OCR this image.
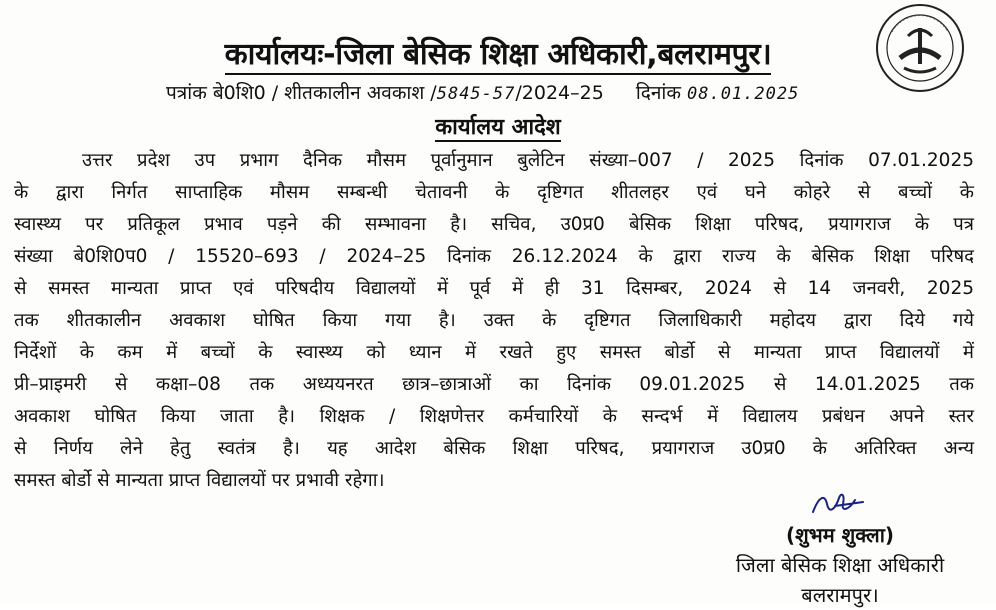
कार्यालयः-जिला बेसिक शिक्षा अधिकारी,बलरामपुर।
पत्रांक बे0शि0 / शीतकालीन अवकाश /5845-57/2024–25 दिनांक 08.01.2025
कार्यालय आदेश
उत्तर प्रदेश उप प्रभाग दैनिक मौसम पूर्वानुमान बुलेटिन संख्या–007 / 2025 दिनांक 07.01.2025
के द्वारा निर्गत साप्ताहिक मौसम सम्बन्धी चेतावनी के दृष्टिगत शीतलहर एवं घने कोहरे से बच्चों के
स्वास्थ्य पर प्रतिकूल प्रभाव पड़ने की सम्भावना है। सचिव, उ0प्र0 बेसिक शिक्षा परिषद, प्रयागराज के पत्र
संख्या बे0शि0प0 / 15520–693 / 2024–25 दिनांक 26.12.2024 के द्वारा राज्य के बेसिक शिक्षा परिषद
से समस्त मान्यता प्राप्त एवं परिषदीय विद्यालयों में पूर्व में ही 31 दिसम्बर, 2024 से 14 जनवरी, 2025
तक शीतकालीन अवकाश घोषित किया गया है। उक्त के दृष्टिगत जिलाधिकारी महोदय द्वारा दिये गये
निर्देशों के कम में बच्चों के स्वास्थ्य को ध्यान में रखते हुए समस्त बोर्डो से मान्यता प्राप्त विद्यालयों में
प्री–प्राइमरी से कक्षा–08 तक अध्ययनरत छात्र–छात्राओं का दिनांक 09.01.2025 से 14.01.2025 तक
अवकाश घोषित किया जाता है। शिक्षक / शिक्षणेत्तर कर्मचारियों के सन्दर्भ में विद्यालय प्रबंधन अपने स्तर
से निर्णय लेने हेतु स्वतंत्र है। यह आदेश बेसिक शिक्षा परिषद, प्रयागराज उ0प्र0 के अतिरिक्त अन्य
समस्त बोर्डो से मान्यता प्राप्त विद्यालयों पर प्रभावी रहेगा।
(शुभम शुक्ला)
जिला बेसिक शिक्षा अधिकारी
बलरामपुर।
